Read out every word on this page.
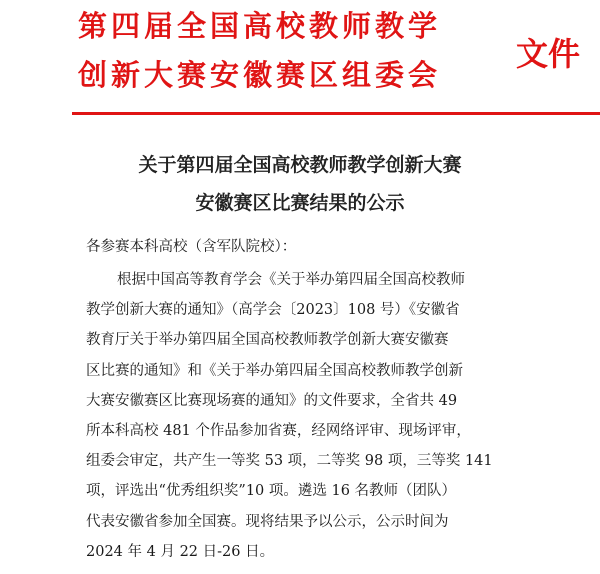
第四届全国高校教师教学
创新大赛安徽赛区组委会
文件
关于第四届全国高校教师教学创新大赛
安徽赛区比赛结果的公示
各参赛本科高校（含军队院校）：
根据中国高等教育学会《关于举办第四届全国高校教师
教学创新大赛的通知》（高学会〔2023〕108 号）《安徽省
教育厅关于举办第四届全国高校教师教学创新大赛安徽赛
区比赛的通知》和《关于举办第四届全国高校教师教学创新
大赛安徽赛区比赛现场赛的通知》的文件要求，全省共 49
所本科高校 481 个作品参加省赛，经网络评审、现场评审，
组委会审定，共产生一等奖 53 项，二等奖 98 项，三等奖 141
项，评选出“优秀组织奖”10 项。遴选 16 名教师（团队）
代表安徽省参加全国赛。现将结果予以公示，公示时间为
2024 年 4 月 22 日-26 日。
